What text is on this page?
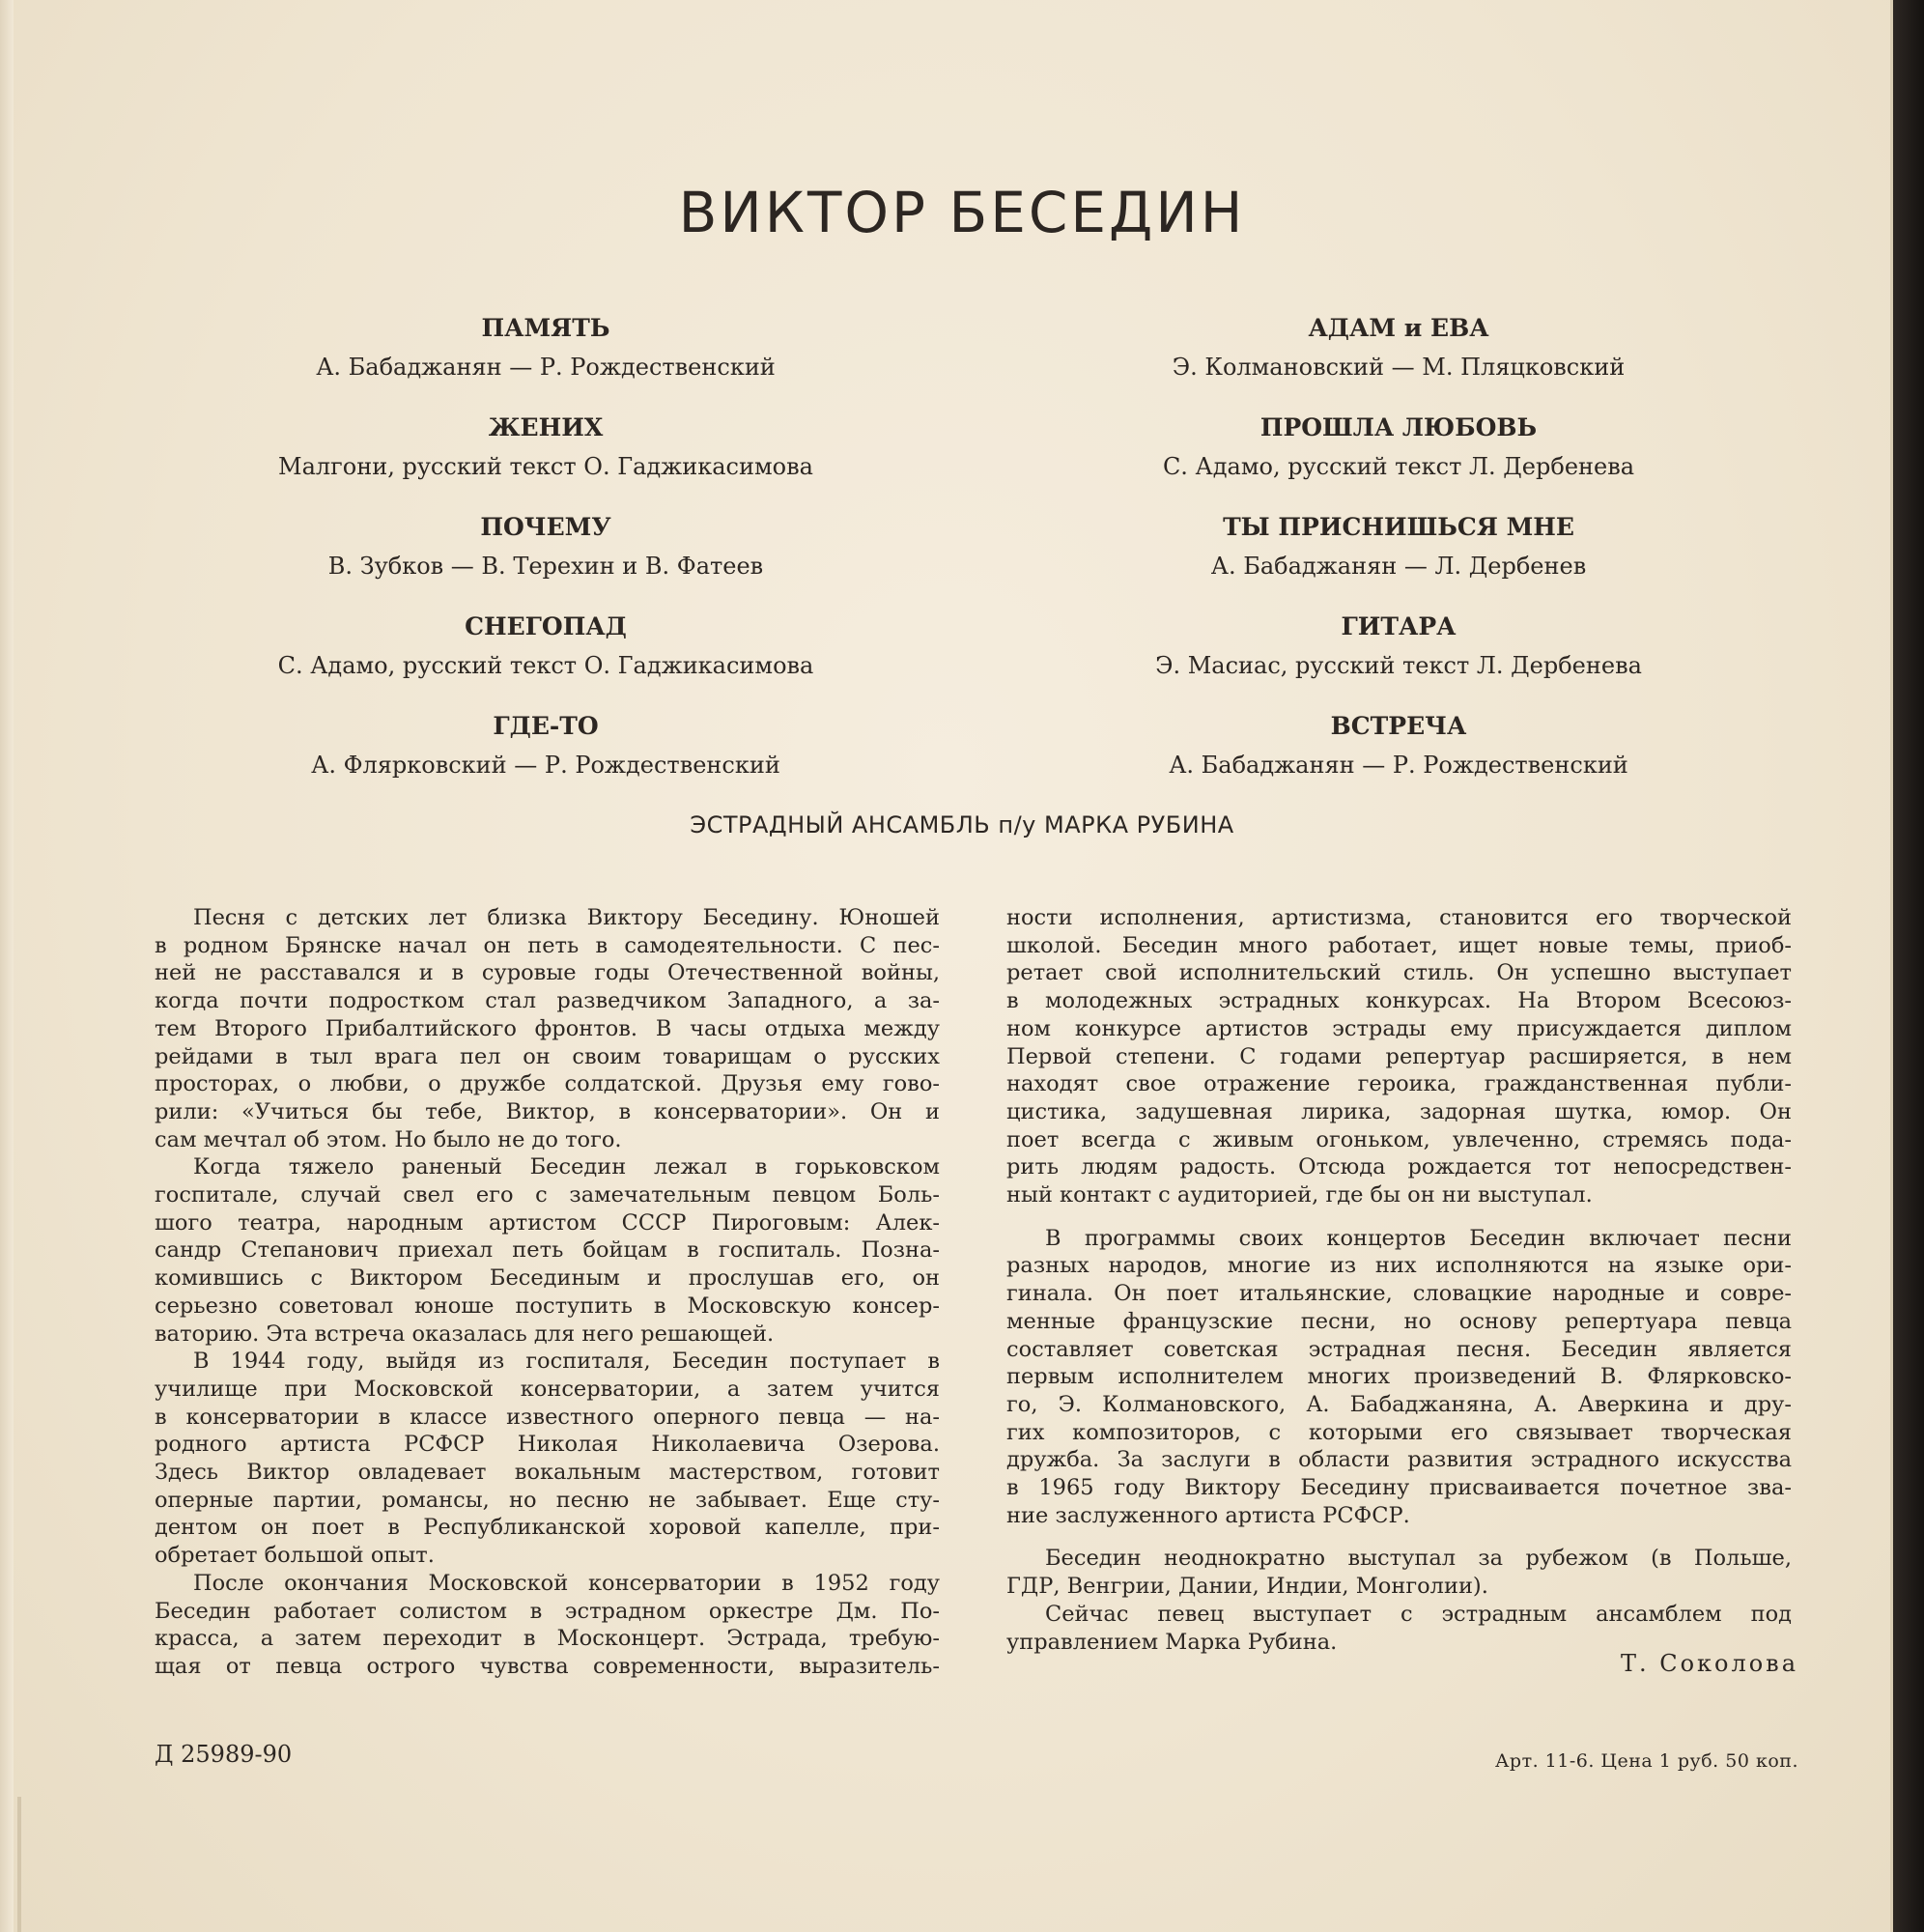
ВИКТОР БЕСЕДИН
ПАМЯТЬ
А. Бабаджанян — Р. Рождественский
ЖЕНИХ
Малгони, русский текст О. Гаджикасимова
ПОЧЕМУ
В. Зубков — В. Терехин и В. Фатеев
СНЕГОПАД
С. Адамо, русский текст О. Гаджикасимова
ГДЕ-ТО
А. Флярковский — Р. Рождественский
АДАМ и ЕВА
Э. Колмановский — М. Пляцковский
ПРОШЛА ЛЮБОВЬ
С. Адамо, русский текст Л. Дербенева
ТЫ ПРИСНИШЬСЯ МНЕ
А. Бабаджанян — Л. Дербенев
ГИТАРА
Э. Масиас, русский текст Л. Дербенева
ВСТРЕЧА
А. Бабаджанян — Р. Рождественский

ЭСТРАДНЫЙ АНСАМБЛЬ п/у МАРКА РУБИНА

Песня с детских лет близка Виктору Беседину. Юношей

в родном Брянске начал он петь в самодеятельности. С пес-

ней не расставался и в суровые годы Отечественной войны,

когда почти подростком стал разведчиком Западного, а за-

тем Второго Прибалтийского фронтов. В часы отдыха между

рейдами в тыл врага пел он своим товарищам о русских

просторах, о любви, о дружбе солдатской. Друзья ему гово-

рили: «Учиться бы тебе, Виктор, в консерватории». Он и

сам мечтал об этом. Но было не до того.

Когда тяжело раненый Беседин лежал в горьковском

госпитале, случай свел его с замечательным певцом Боль-

шого театра, народным артистом СССР Пироговым: Алек-

сандр Степанович приехал петь бойцам в госпиталь. Позна-

комившись с Виктором Бесединым и прослушав его, он

серьезно советовал юноше поступить в Московскую консер-

ваторию. Эта встреча оказалась для него решающей.

В 1944 году, выйдя из госпиталя, Беседин поступает в

училище при Московской консерватории, а затем учится

в консерватории в классе известного оперного певца — на-

родного артиста РСФСР Николая Николаевича Озерова.

Здесь Виктор овладевает вокальным мастерством, готовит

оперные партии, романсы, но песню не забывает. Еще сту-

дентом он поет в Республиканской хоровой капелле, при-

обретает большой опыт.

После окончания Московской консерватории в 1952 году

Беседин работает солистом в эстрадном оркестре Дм. По-

красса, а затем переходит в Москонцерт. Эстрада, требую-

щая от певца острого чувства современности, выразитель-

ности исполнения, артистизма, становится его творческой

школой. Беседин много работает, ищет новые темы, приоб-

ретает свой исполнительский стиль. Он успешно выступает

в молодежных эстрадных конкурсах. На Втором Всесоюз-

ном конкурсе артистов эстрады ему присуждается диплом

Первой степени. С годами репертуар расширяется, в нем

находят свое отражение героика, гражданственная публи-

цистика, задушевная лирика, задорная шутка, юмор. Он

поет всегда с живым огоньком, увлеченно, стремясь пода-

рить людям радость. Отсюда рождается тот непосредствен-

ный контакт с аудиторией, где бы он ни выступал.

В программы своих концертов Беседин включает песни

разных народов, многие из них исполняются на языке ори-

гинала. Он поет итальянские, словацкие народные и совре-

менные французские песни, но основу репертуара певца

составляет советская эстрадная песня. Беседин является

первым исполнителем многих произведений В. Флярковско-

го, Э. Колмановского, А. Бабаджаняна, А. Аверкина и дру-

гих композиторов, с которыми его связывает творческая

дружба. За заслуги в области развития эстрадного искусства

в 1965 году Виктору Беседину присваивается почетное зва-

ние заслуженного артиста РСФСР.

Беседин неоднократно выступал за рубежом (в Польше,

ГДР, Венгрии, Дании, Индии, Монголии).

Сейчас певец выступает с эстрадным ансамблем под

управлением Марка Рубина.

Т. Соколова
Д 25989-90	Арт. 11-6. Цена 1 руб. 50 коп.
